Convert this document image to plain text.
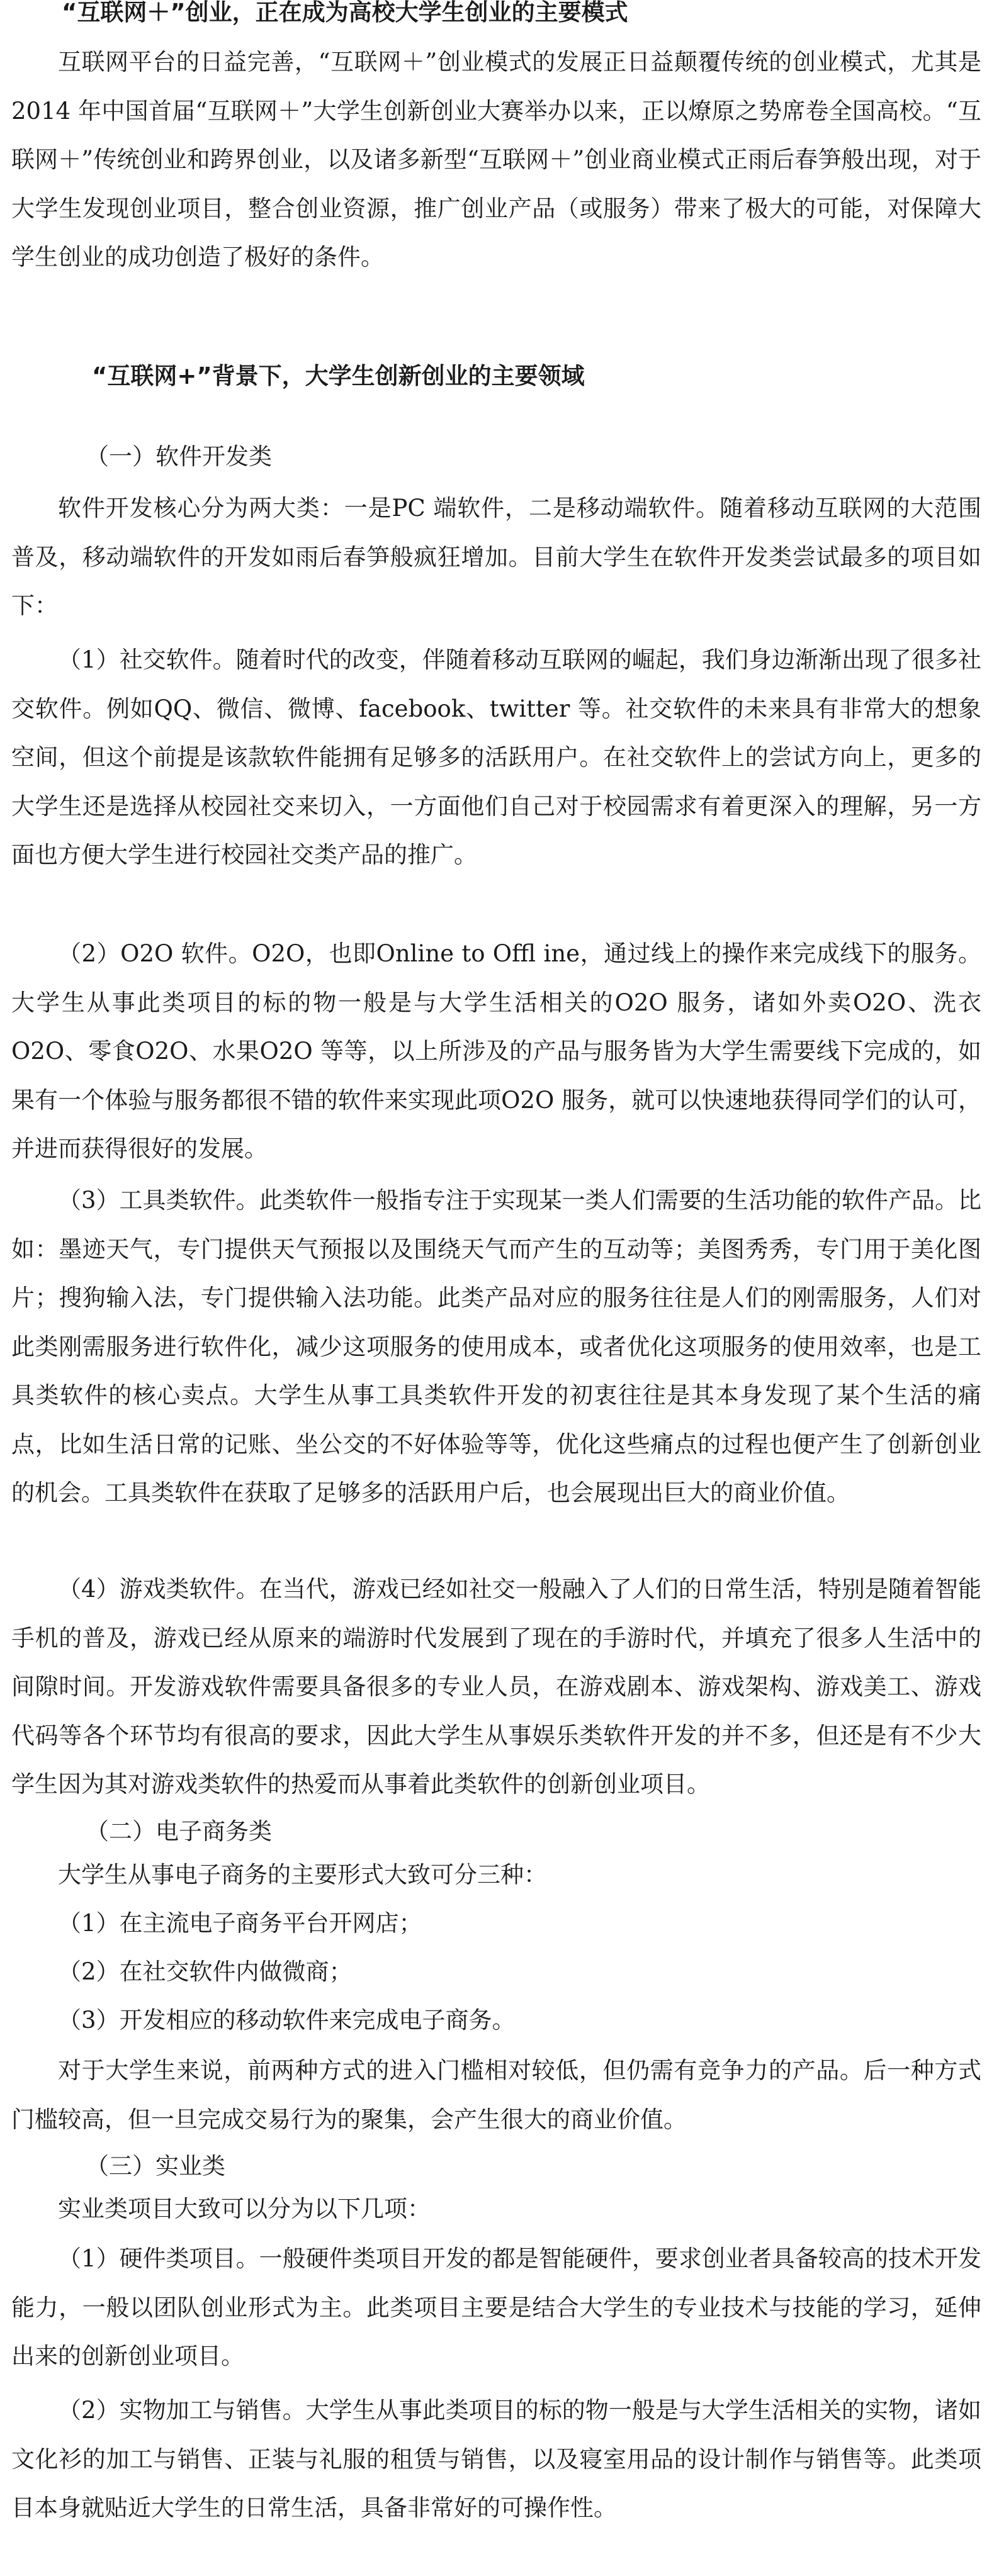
“互联网＋”创业，正在成为高校大学生创业的主要模式

互联网平台的日益完善，“互联网＋”创业模式的发展正日益颠覆传统的创业模式，尤其是2014 年中国首届“互联网＋”大学生创新创业大赛举办以来，正以燎原之势席卷全国高校。“互联网＋”传统创业和跨界创业，以及诸多新型“互联网＋”创业商业模式正雨后春笋般出现，对于大学生发现创业项目，整合创业资源，推广创业产品（或服务）带来了极大的可能，对保障大学生创业的成功创造了极好的条件。

“互联网+”背景下，大学生创新创业的主要领域

（一）软件开发类

软件开发核心分为两大类：一是PC 端软件，二是移动端软件。随着移动互联网的大范围普及，移动端软件的开发如雨后春笋般疯狂增加。目前大学生在软件开发类尝试最多的项目如下：

（1）社交软件。随着时代的改变，伴随着移动互联网的崛起，我们身边渐渐出现了很多社交软件。例如QQ、微信、微博、facebook、twitter 等。社交软件的未来具有非常大的想象空间，但这个前提是该款软件能拥有足够多的活跃用户。在社交软件上的尝试方向上，更多的大学生还是选择从校园社交来切入，一方面他们自己对于校园需求有着更深入的理解，另一方面也方便大学生进行校园社交类产品的推广。

（2）O2O 软件。O2O，也即Online to Offl ine，通过线上的操作来完成线下的服务。大学生从事此类项目的标的物一般是与大学生活相关的O2O 服务，诸如外卖O2O、洗衣O2O、零食O2O、水果O2O 等等，以上所涉及的产品与服务皆为大学生需要线下完成的，如果有一个体验与服务都很不错的软件来实现此项O2O 服务，就可以快速地获得同学们的认可，并进而获得很好的发展。

（3）工具类软件。此类软件一般指专注于实现某一类人们需要的生活功能的软件产品。比如：墨迹天气，专门提供天气预报以及围绕天气而产生的互动等；美图秀秀，专门用于美化图片；搜狗输入法，专门提供输入法功能。此类产品对应的服务往往是人们的刚需服务，人们对此类刚需服务进行软件化，减少这项服务的使用成本，或者优化这项服务的使用效率，也是工具类软件的核心卖点。大学生从事工具类软件开发的初衷往往是其本身发现了某个生活的痛点，比如生活日常的记账、坐公交的不好体验等等，优化这些痛点的过程也便产生了创新创业的机会。工具类软件在获取了足够多的活跃用户后，也会展现出巨大的商业价值。

（4）游戏类软件。在当代，游戏已经如社交一般融入了人们的日常生活，特别是随着智能手机的普及，游戏已经从原来的端游时代发展到了现在的手游时代，并填充了很多人生活中的间隙时间。开发游戏软件需要具备很多的专业人员，在游戏剧本、游戏架构、游戏美工、游戏代码等各个环节均有很高的要求，因此大学生从事娱乐类软件开发的并不多，但还是有不少大学生因为其对游戏类软件的热爱而从事着此类软件的创新创业项目。

（二）电子商务类

大学生从事电子商务的主要形式大致可分三种：

（1）在主流电子商务平台开网店；

（2）在社交软件内做微商；

（3）开发相应的移动软件来完成电子商务。

对于大学生来说，前两种方式的进入门槛相对较低，但仍需有竞争力的产品。后一种方式门槛较高，但一旦完成交易行为的聚集，会产生很大的商业价值。

（三）实业类

实业类项目大致可以分为以下几项：

（1）硬件类项目。一般硬件类项目开发的都是智能硬件，要求创业者具备较高的技术开发能力，一般以团队创业形式为主。此类项目主要是结合大学生的专业技术与技能的学习，延伸出来的创新创业项目。

（2）实物加工与销售。大学生从事此类项目的标的物一般是与大学生活相关的实物，诸如文化衫的加工与销售、正装与礼服的租赁与销售，以及寝室用品的设计制作与销售等。此类项目本身就贴近大学生的日常生活，具备非常好的可操作性。
